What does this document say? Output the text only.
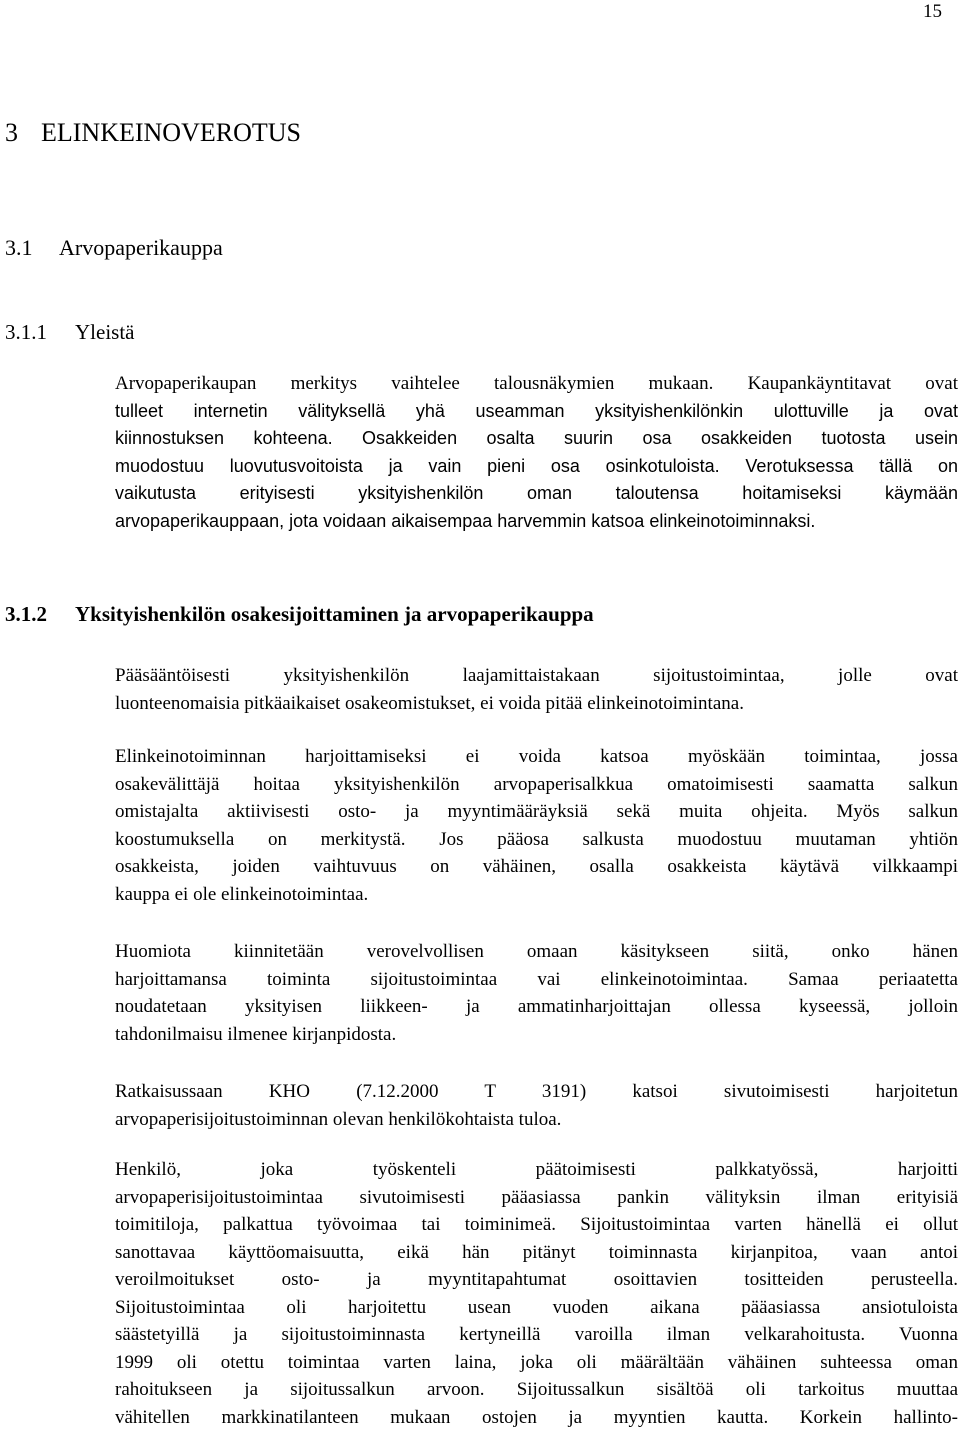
15
3 ELINKEINOVEROTUS
3.1 Arvopaperikauppa
3.1.1 Yleistä
Arvopaperikaupan merkitys vaihtelee talousnäkymien mukaan. Kaupankäyntitavat ovat
tulleet internetin välityksellä yhä useamman yksityishenkilönkin ulottuville ja ovat
kiinnostuksen kohteena. Osakkeiden osalta suurin osa osakkeiden tuotosta usein
muodostuu luovutusvoitoista ja vain pieni osa osinkotuloista. Verotuksessa tällä on
vaikutusta erityisesti yksityishenkilön oman taloutensa hoitamiseksi käymään
arvopaperikauppaan, jota voidaan aikaisempaa harvemmin katsoa elinkeinotoiminnaksi.
3.1.2 Yksityishenkilön osakesijoittaminen ja arvopaperikauppa
Pääsääntöisesti yksityishenkilön laajamittaistakaan sijoitustoimintaa, jolle ovat
luonteenomaisia pitkäaikaiset osakeomistukset, ei voida pitää elinkeinotoimintana.
Elinkeinotoiminnan harjoittamiseksi ei voida katsoa myöskään toimintaa, jossa
osakevälittäjä hoitaa yksityishenkilön arvopaperisalkkua omatoimisesti saamatta salkun
omistajalta aktiivisesti osto- ja myyntimääräyksiä sekä muita ohjeita. Myös salkun
koostumuksella on merkitystä. Jos pääosa salkusta muodostuu muutaman yhtiön
osakkeista, joiden vaihtuvuus on vähäinen, osalla osakkeista käytävä vilkkaampi
kauppa ei ole elinkeinotoimintaa.
Huomiota kiinnitetään verovelvollisen omaan käsitykseen siitä, onko hänen
harjoittamansa toiminta sijoitustoimintaa vai elinkeinotoimintaa. Samaa periaatetta
noudatetaan yksityisen liikkeen- ja ammatinharjoittajan ollessa kyseessä, jolloin
tahdonilmaisu ilmenee kirjanpidosta.
Ratkaisussaan KHO (7.12.2000 T 3191) katsoi sivutoimisesti harjoitetun
arvopaperisijoitustoiminnan olevan henkilökohtaista tuloa.
Henkilö, joka työskenteli päätoimisesti palkkatyössä, harjoitti
arvopaperisijoitustoimintaa sivutoimisesti pääasiassa pankin välityksin ilman erityisiä
toimitiloja, palkattua työvoimaa tai toiminimeä. Sijoitustoimintaa varten hänellä ei ollut
sanottavaa käyttöomaisuutta, eikä hän pitänyt toiminnasta kirjanpitoa, vaan antoi
veroilmoitukset osto- ja myyntitapahtumat osoittavien tositteiden perusteella.
Sijoitustoimintaa oli harjoitettu usean vuoden aikana pääasiassa ansiotuloista
säästetyillä ja sijoitustoiminnasta kertyneillä varoilla ilman velkarahoitusta. Vuonna
1999 oli otettu toimintaa varten laina, joka oli määrältään vähäinen suhteessa oman
rahoitukseen ja sijoitussalkun arvoon. Sijoitussalkun sisältöä oli tarkoitus muuttaa
vähitellen markkinatilanteen mukaan ostojen ja myyntien kautta. Korkein hallinto-
